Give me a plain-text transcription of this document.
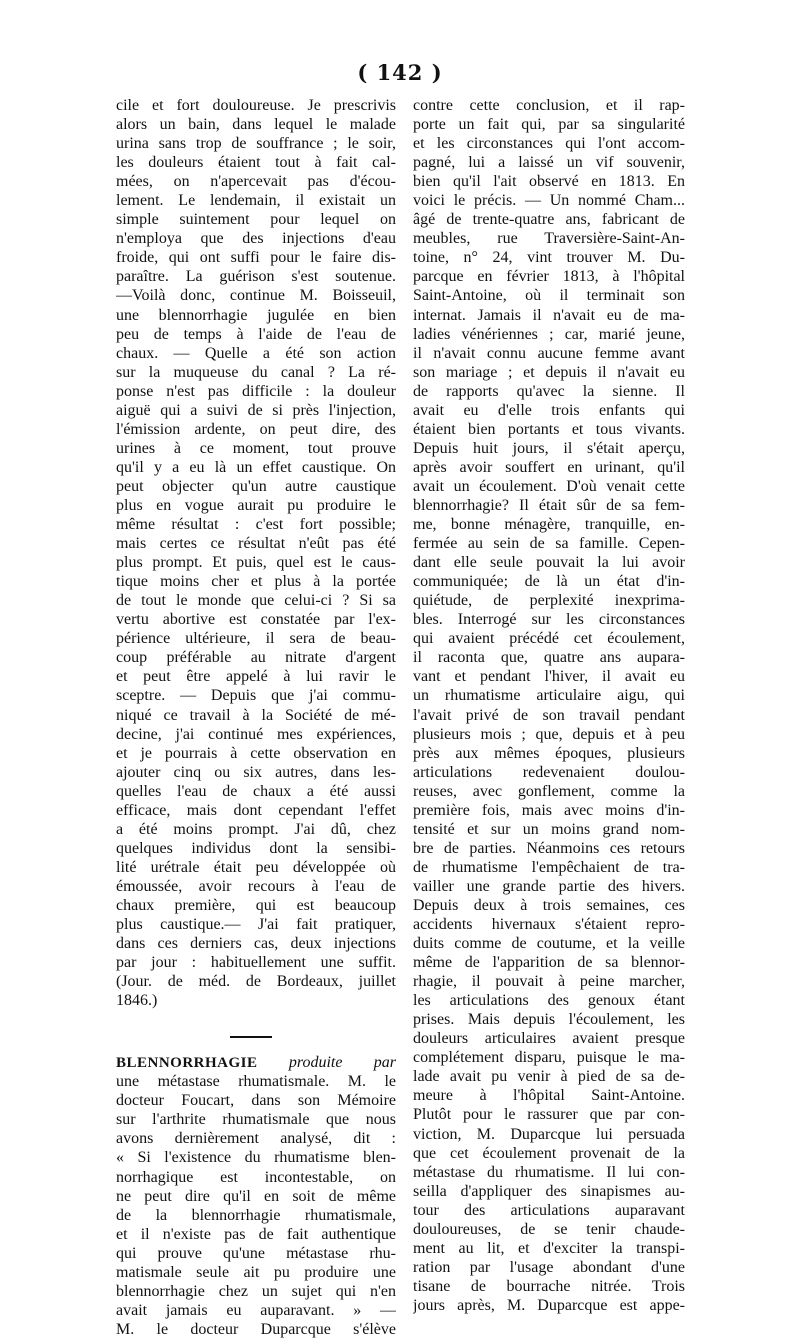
( 142 )
cile et fort douloureuse. Je prescrivis
alors un bain, dans lequel le malade
urina sans trop de souffrance ; le soir,
les douleurs étaient tout à fait cal-
mées, on n'apercevait pas d'écou-
lement. Le lendemain, il existait un
simple suintement pour lequel on
n'employa que des injections d'eau
froide, qui ont suffi pour le faire dis-
paraître. La guérison s'est soutenue.
—Voilà donc, continue M. Boisseuil,
une blennorrhagie jugulée en bien
peu de temps à l'aide de l'eau de
chaux. — Quelle a été son action
sur la muqueuse du canal ? La ré-
ponse n'est pas difficile : la douleur
aiguë qui a suivi de si près l'injection,
l'émission ardente, on peut dire, des
urines à ce moment, tout prouve
qu'il y a eu là un effet caustique. On
peut objecter qu'un autre caustique
plus en vogue aurait pu produire le
même résultat : c'est fort possible;
mais certes ce résultat n'eût pas été
plus prompt. Et puis, quel est le caus-
tique moins cher et plus à la portée
de tout le monde que celui-ci ? Si sa
vertu abortive est constatée par l'ex-
périence ultérieure, il sera de beau-
coup préférable au nitrate d'argent
et peut être appelé à lui ravir le
sceptre. — Depuis que j'ai commu-
niqué ce travail à la Société de mé-
decine, j'ai continué mes expériences,
et je pourrais à cette observation en
ajouter cinq ou six autres, dans les-
quelles l'eau de chaux a été aussi
efficace, mais dont cependant l'effet
a été moins prompt. J'ai dû, chez
quelques individus dont la sensibi-
lité urétrale était peu développée où
émoussée, avoir recours à l'eau de
chaux première, qui est beaucoup
plus caustique.— J'ai fait pratiquer,
dans ces derniers cas, deux injections
par jour : habituellement une suffit.
(Jour. de méd. de Bordeaux, juillet
1846.)
BLENNORRHAGIE produite par
une métastase rhumatismale. M. le
docteur Foucart, dans son Mémoire
sur l'arthrite rhumatismale que nous
avons dernièrement analysé, dit :
« Si l'existence du rhumatisme blen-
norrhagique est incontestable, on
ne peut dire qu'il en soit de même
de la blennorrhagie rhumatismale,
et il n'existe pas de fait authentique
qui prouve qu'une métastase rhu-
matismale seule ait pu produire une
blennorrhagie chez un sujet qui n'en
avait jamais eu auparavant. » —
M. le docteur Duparcque s'élève
contre cette conclusion, et il rap-
porte un fait qui, par sa singularité
et les circonstances qui l'ont accom-
pagné, lui a laissé un vif souvenir,
bien qu'il l'ait observé en 1813. En
voici le précis. — Un nommé Cham...
âgé de trente-quatre ans, fabricant de
meubles, rue Traversière-Saint-An-
toine, n° 24, vint trouver M. Du-
parcque en février 1813, à l'hôpital
Saint-Antoine, où il terminait son
internat. Jamais il n'avait eu de ma-
ladies vénériennes ; car, marié jeune,
il n'avait connu aucune femme avant
son mariage ; et depuis il n'avait eu
de rapports qu'avec la sienne. Il
avait eu d'elle trois enfants qui
étaient bien portants et tous vivants.
Depuis huit jours, il s'était aperçu,
après avoir souffert en urinant, qu'il
avait un écoulement. D'où venait cette
blennorrhagie? Il était sûr de sa fem-
me, bonne ménagère, tranquille, en-
fermée au sein de sa famille. Cepen-
dant elle seule pouvait la lui avoir
communiquée; de là un état d'in-
quiétude, de perplexité inexprima-
bles. Interrogé sur les circonstances
qui avaient précédé cet écoulement,
il raconta que, quatre ans aupara-
vant et pendant l'hiver, il avait eu
un rhumatisme articulaire aigu, qui
l'avait privé de son travail pendant
plusieurs mois ; que, depuis et à peu
près aux mêmes époques, plusieurs
articulations redevenaient doulou-
reuses, avec gonflement, comme la
première fois, mais avec moins d'in-
tensité et sur un moins grand nom-
bre de parties. Néanmoins ces retours
de rhumatisme l'empêchaient de tra-
vailler une grande partie des hivers.
Depuis deux à trois semaines, ces
accidents hivernaux s'étaient repro-
duits comme de coutume, et la veille
même de l'apparition de sa blennor-
rhagie, il pouvait à peine marcher,
les articulations des genoux étant
prises. Mais depuis l'écoulement, les
douleurs articulaires avaient presque
complétement disparu, puisque le ma-
lade avait pu venir à pied de sa de-
meure à l'hôpital Saint-Antoine.
Plutôt pour le rassurer que par con-
viction, M. Duparcque lui persuada
que cet écoulement provenait de la
métastase du rhumatisme. Il lui con-
seilla d'appliquer des sinapismes au-
tour des articulations auparavant
douloureuses, de se tenir chaude-
ment au lit, et d'exciter la transpi-
ration par l'usage abondant d'une
tisane de bourrache nitrée. Trois
jours après, M. Duparcque est appe-
